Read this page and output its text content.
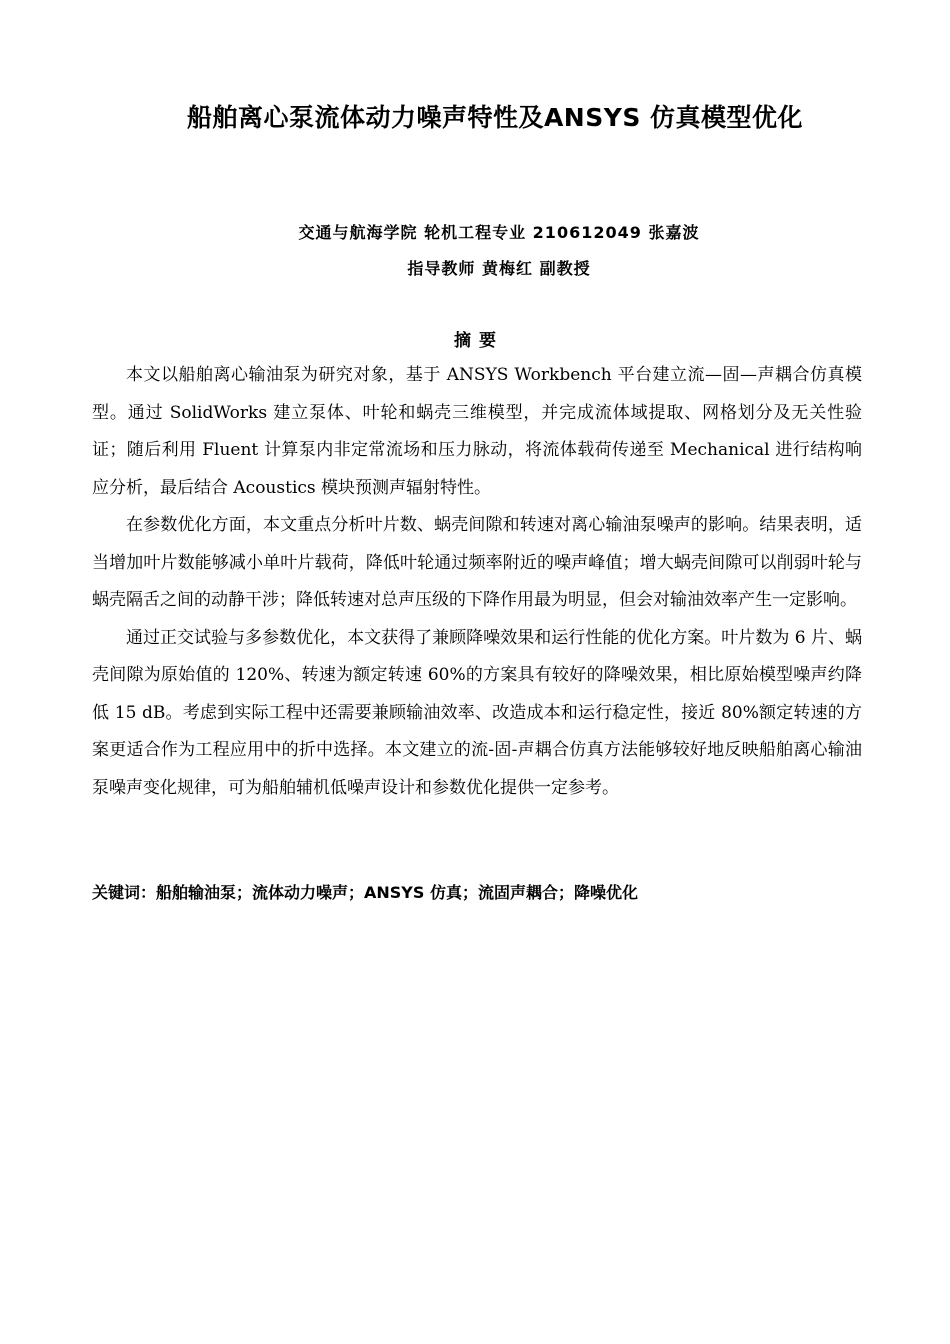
船舶离心泵流体动力噪声特性及ANSYS 仿真模型优化
交通与航海学院 轮机工程专业 210612049 张嘉波
指导教师 黄梅红 副教授
摘要

本文以船舶离心输油泵为研究对象，基于 ANSYS Workbench 平台建立流—固—声耦合仿真模型。通过 SolidWorks 建立泵体、叶轮和蜗壳三维模型，并完成流体域提取、网格划分及无关性验证；随后利用 Fluent 计算泵内非定常流场和压力脉动，将流体载荷传递至 Mechanical 进行结构响应分析，最后结合 Acoustics 模块预测声辐射特性。

在参数优化方面，本文重点分析叶片数、蜗壳间隙和转速对离心输油泵噪声的影响。结果表明，适当增加叶片数能够减小单叶片载荷，降低叶轮通过频率附近的噪声峰值；增大蜗壳间隙可以削弱叶轮与蜗壳隔舌之间的动静干涉；降低转速对总声压级的下降作用最为明显，但会对输油效率产生一定影响。

通过正交试验与多参数优化，本文获得了兼顾降噪效果和运行性能的优化方案。叶片数为 6 片、蜗壳间隙为原始值的 120%、转速为额定转速 60%的方案具有较好的降噪效果，相比原始模型噪声约降低 15 dB。考虑到实际工程中还需要兼顾输油效率、改造成本和运行稳定性，接近 80%额定转速的方案更适合作为工程应用中的折中选择。本文建立的流-固-声耦合仿真方法能够较好地反映船舶离心输油泵噪声变化规律，可为船舶辅机低噪声设计和参数优化提供一定参考。

关键词：船舶输油泵；流体动力噪声；ANSYS 仿真；流固声耦合；降噪优化
